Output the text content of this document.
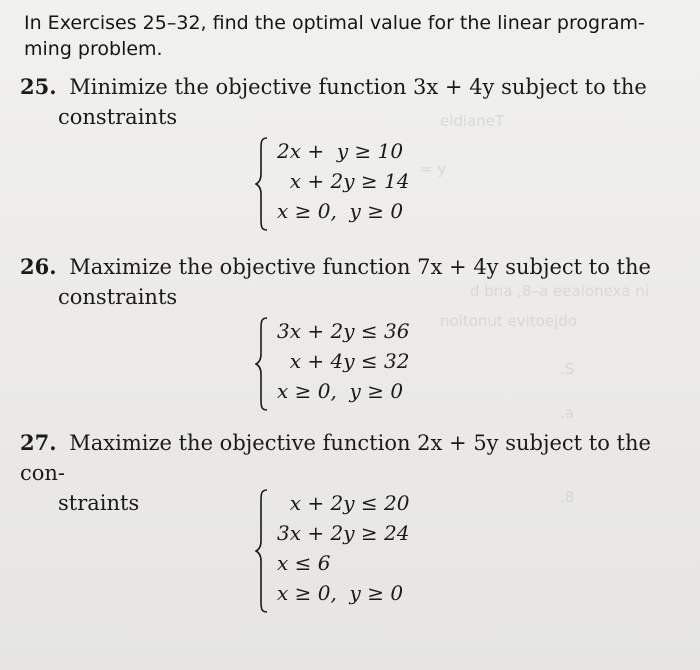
eldianeT
= y
d bna ,8–a eeaionexa ni
noitonut evitoejdo
.S
.a
.8
In Exercises 25–32, find the optimal value for the linear program-
ming problem.
25. Minimize the objective function 3x + 4y subject to the
constraints
2x +  y ≥ 10
x + 2y ≥ 14
x ≥ 0,  y ≥ 0
26. Maximize the objective function 7x + 4y subject to the
constraints
3x + 2y ≤ 36
x + 4y ≤ 32
x ≥ 0,  y ≥ 0
27. Maximize the objective function 2x + 5y subject to the con-
straints	x + 2y ≤ 20
3x + 2y ≥ 24
x ≤ 6
x ≥ 0,  y ≥ 0
